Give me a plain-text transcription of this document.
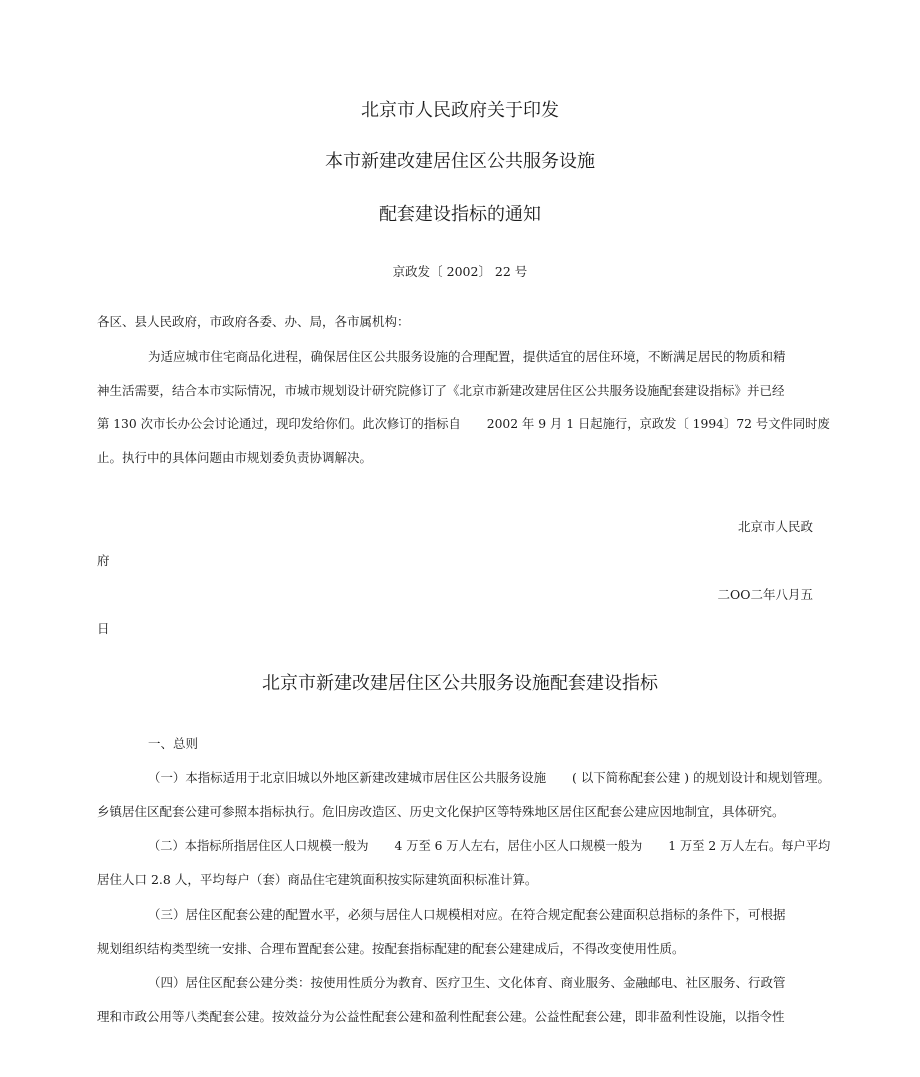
北京市人民政府关于印发

本市新建改建居住区公共服务设施

配套建设指标的通知

京政发〔 2002〕 22 号

各区、县人民政府，市政府各委、办、局，各市属机构：

为适应城市住宅商品化进程，确保居住区公共服务设施的合理配置，提供适宜的居住环境，不断满足居民的物质和精

神生活需要，结合本市实际情况，市城市规划设计研究院修订了《北京市新建改建居住区公共服务设施配套建设指标》并已经

第 130 次市长办公会讨论通过，现印发给你们。此次修订的指标自 2002 年 9 月 1 日起施行，京政发〔 1994〕72 号文件同时废

止。执行中的具体问题由市规划委负责协调解决。

北京市人民政

府

二OO二年八月五

日

北京市新建改建居住区公共服务设施配套建设指标

一、总则

（一）本指标适用于北京旧城以外地区新建改建城市居住区公共服务设施 ( 以下简称配套公建 ) 的规划设计和规划管理。

乡镇居住区配套公建可参照本指标执行。危旧房改造区、历史文化保护区等特殊地区居住区配套公建应因地制宜，具体研究。

（二）本指标所指居住区人口规模一般为 4 万至 6 万人左右，居住小区人口规模一般为 1 万至 2 万人左右。每户平均

居住人口 2.8 人，平均每户（套）商品住宅建筑面积按实际建筑面积标准计算。

（三）居住区配套公建的配置水平，必须与居住人口规模相对应。在符合规定配套公建面积总指标的条件下，可根据

规划组织结构类型统一安排、合理布置配套公建。按配套指标配建的配套公建建成后，不得改变使用性质。

（四）居住区配套公建分类：按使用性质分为教育、医疗卫生、文化体育、商业服务、金融邮电、社区服务、行政管

理和市政公用等八类配套公建。按效益分为公益性配套公建和盈利性配套公建。公益性配套公建，即非盈利性设施，以指令性
